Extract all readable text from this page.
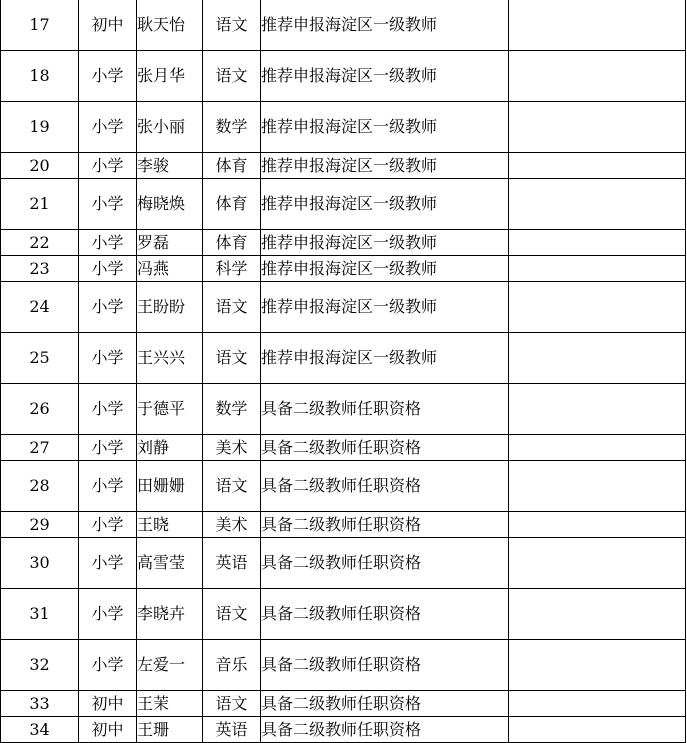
17	初中	耿天怡	语文	推荐申报海淀区一级教师	
18	小学	张月华	语文	推荐申报海淀区一级教师	
19	小学	张小丽	数学	推荐申报海淀区一级教师	
20	小学	李骏	体育	推荐申报海淀区一级教师	
21	小学	梅晓焕	体育	推荐申报海淀区一级教师	
22	小学	罗磊	体育	推荐申报海淀区一级教师	
23	小学	冯燕	科学	推荐申报海淀区一级教师	
24	小学	王盼盼	语文	推荐申报海淀区一级教师	
25	小学	王兴兴	语文	推荐申报海淀区一级教师	
26	小学	于德平	数学	具备二级教师任职资格	
27	小学	刘静	美术	具备二级教师任职资格	
28	小学	田姗姗	语文	具备二级教师任职资格	
29	小学	王晓	美术	具备二级教师任职资格	
30	小学	高雪莹	英语	具备二级教师任职资格	
31	小学	李晓卉	语文	具备二级教师任职资格	
32	小学	左爱一	音乐	具备二级教师任职资格	
33	初中	王茉	语文	具备二级教师任职资格	
34	初中	王珊	英语	具备二级教师任职资格	
